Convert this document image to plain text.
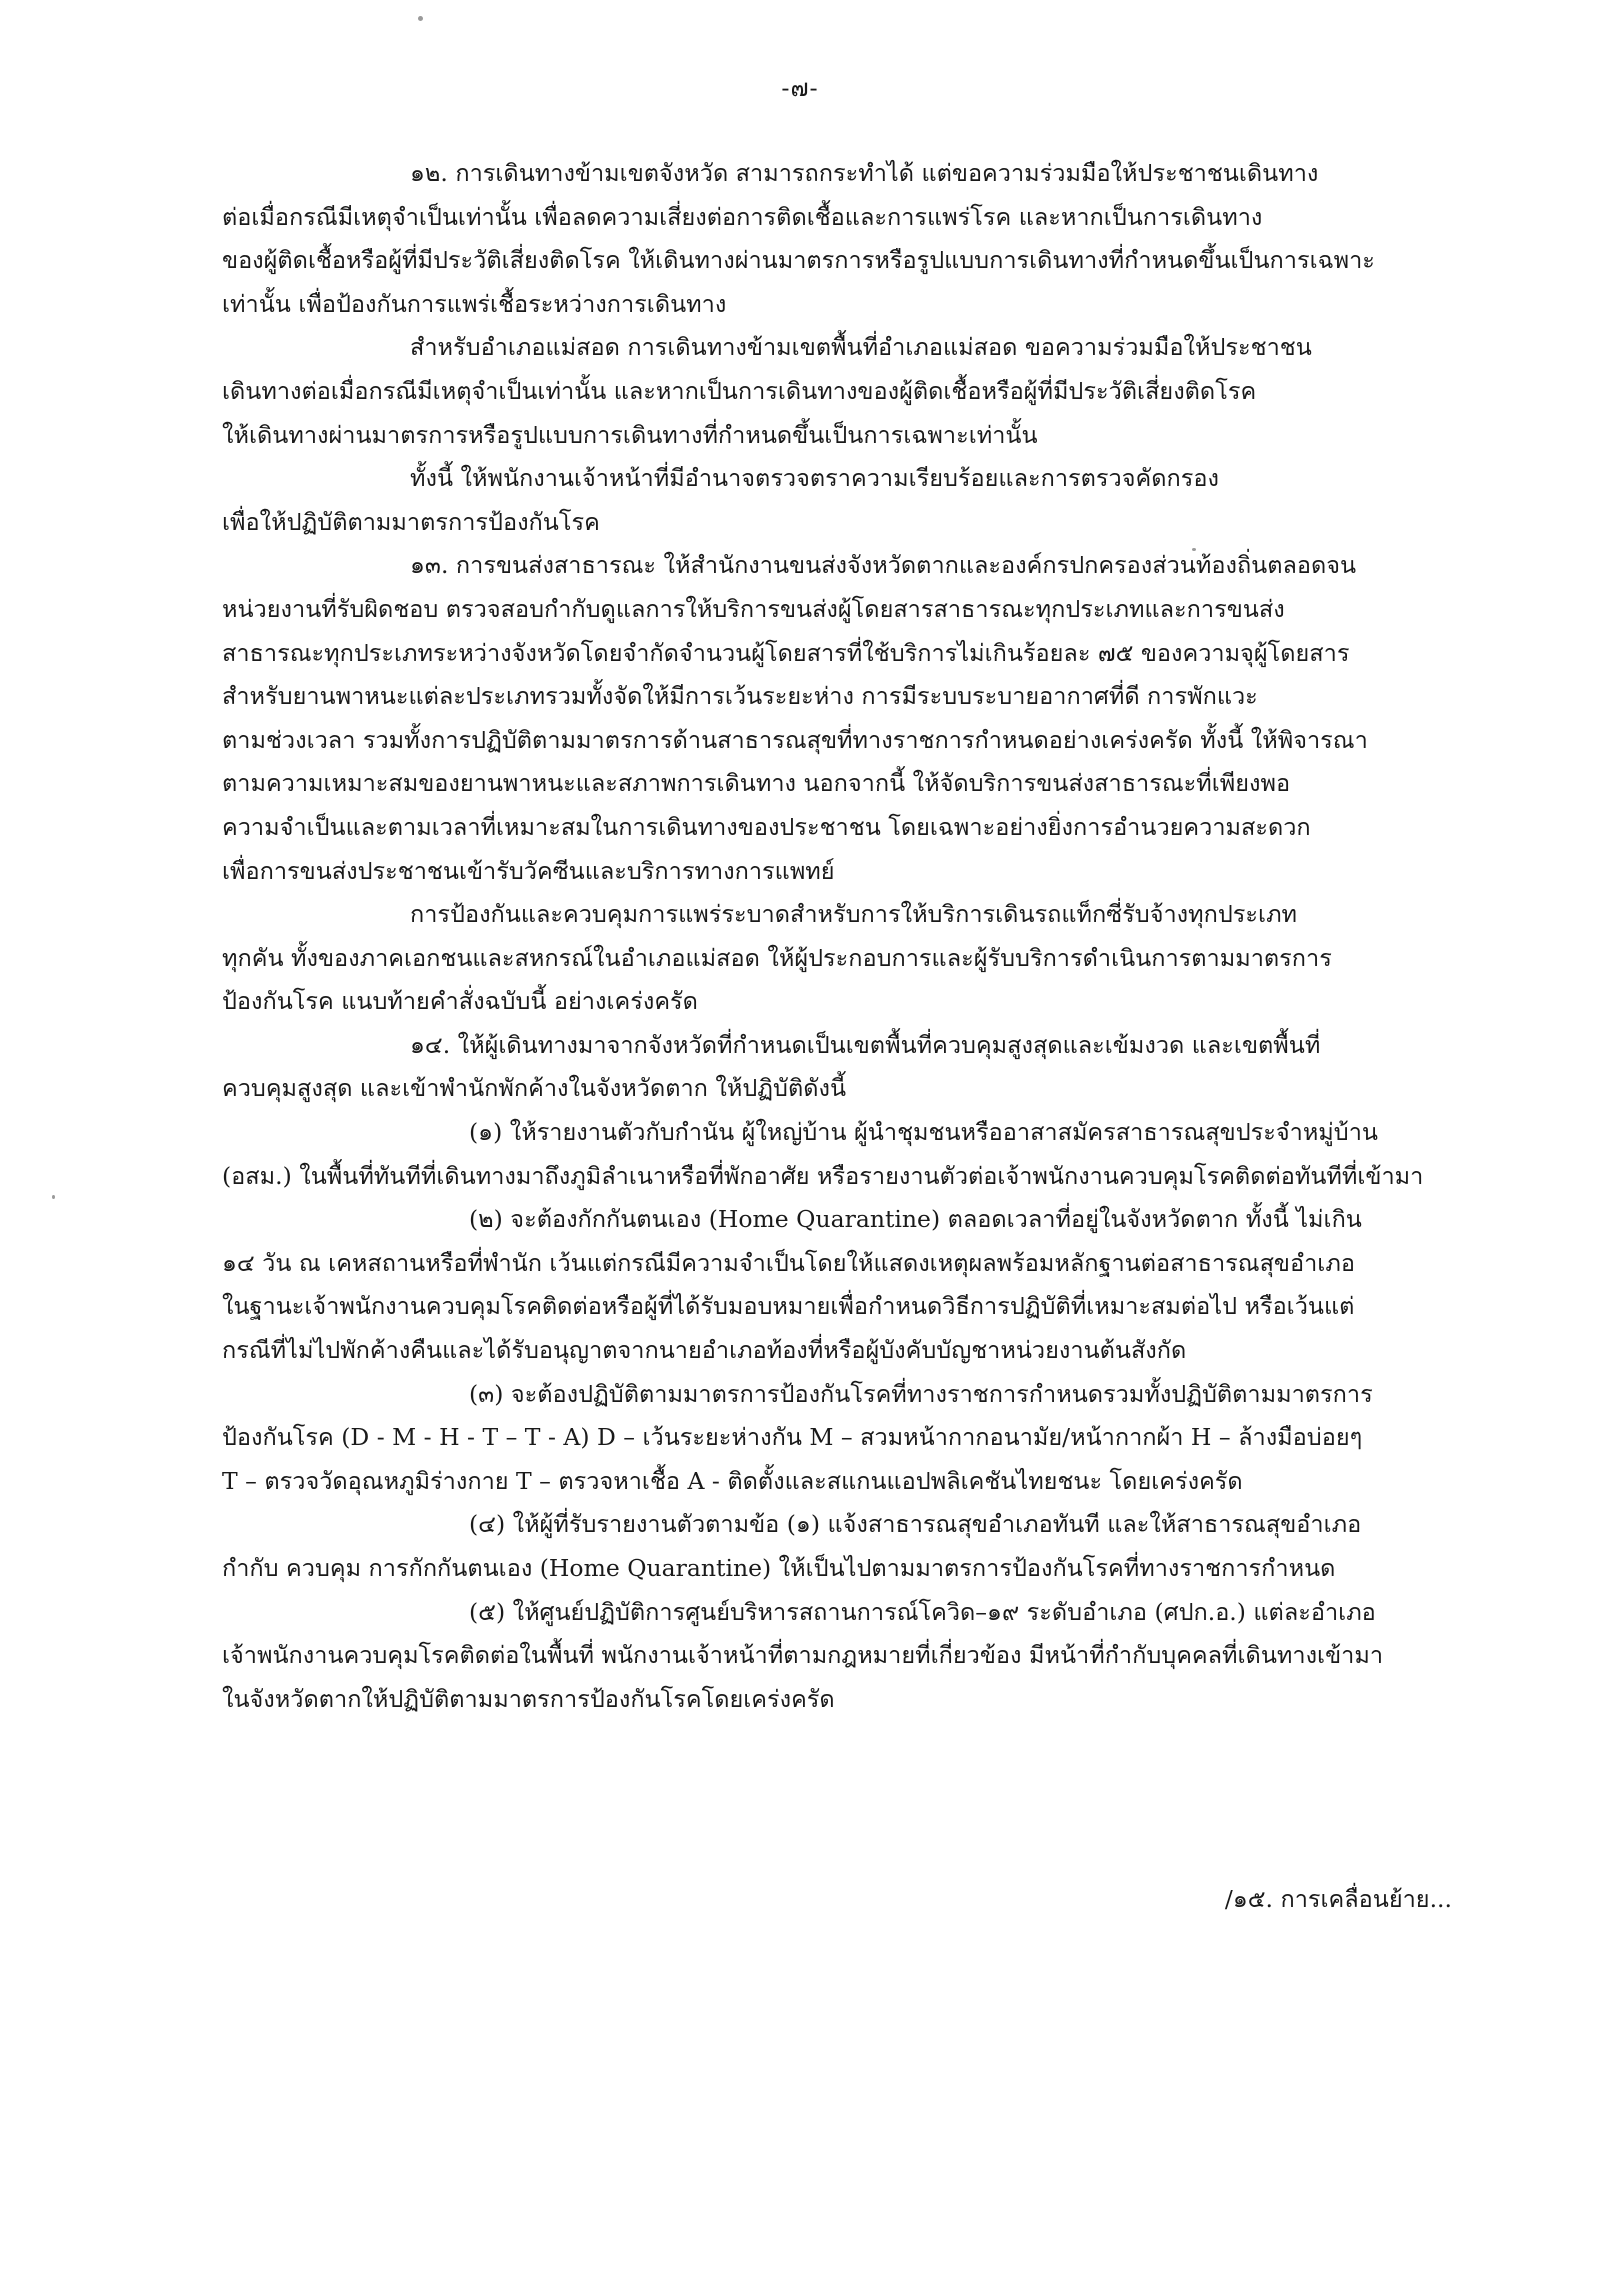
-๗-
๑๒. การเดินทางข้ามเขตจังหวัด สามารถกระทำได้ แต่ขอความร่วมมือให้ประชาชนเดินทาง
ต่อเมื่อกรณีมีเหตุจำเป็นเท่านั้น เพื่อลดความเสี่ยงต่อการติดเชื้อและการแพร่โรค และหากเป็นการเดินทาง
ของผู้ติดเชื้อหรือผู้ที่มีประวัติเสี่ยงติดโรค ให้เดินทางผ่านมาตรการหรือรูปแบบการเดินทางที่กำหนดขึ้นเป็นการเฉพาะ
เท่านั้น เพื่อป้องกันการแพร่เชื้อระหว่างการเดินทาง
สำหรับอำเภอแม่สอด การเดินทางข้ามเขตพื้นที่อำเภอแม่สอด ขอความร่วมมือให้ประชาชน
เดินทางต่อเมื่อกรณีมีเหตุจำเป็นเท่านั้น และหากเป็นการเดินทางของผู้ติดเชื้อหรือผู้ที่มีประวัติเสี่ยงติดโรค
ให้เดินทางผ่านมาตรการหรือรูปแบบการเดินทางที่กำหนดขึ้นเป็นการเฉพาะเท่านั้น
ทั้งนี้ ให้พนักงานเจ้าหน้าที่มีอำนาจตรวจตราความเรียบร้อยและการตรวจคัดกรอง
เพื่อให้ปฏิบัติตามมาตรการป้องกันโรค
๑๓. การขนส่งสาธารณะ ให้สำนักงานขนส่งจังหวัดตากและองค์กรปกครองส่วนท้องถิ่นตลอดจน
หน่วยงานที่รับผิดชอบ ตรวจสอบกำกับดูแลการให้บริการขนส่งผู้โดยสารสาธารณะทุกประเภทและการขนส่ง
สาธารณะทุกประเภทระหว่างจังหวัดโดยจำกัดจำนวนผู้โดยสารที่ใช้บริการไม่เกินร้อยละ ๗๕ ของความจุผู้โดยสาร
สำหรับยานพาหนะแต่ละประเภทรวมทั้งจัดให้มีการเว้นระยะห่าง การมีระบบระบายอากาศที่ดี การพักแวะ
ตามช่วงเวลา รวมทั้งการปฏิบัติตามมาตรการด้านสาธารณสุขที่ทางราชการกำหนดอย่างเคร่งครัด ทั้งนี้ ให้พิจารณา
ตามความเหมาะสมของยานพาหนะและสภาพการเดินทาง นอกจากนี้ ให้จัดบริการขนส่งสาธารณะที่เพียงพอ
ความจำเป็นและตามเวลาที่เหมาะสมในการเดินทางของประชาชน โดยเฉพาะอย่างยิ่งการอำนวยความสะดวก
เพื่อการขนส่งประชาชนเข้ารับวัคซีนและบริการทางการแพทย์
การป้องกันและควบคุมการแพร่ระบาดสำหรับการให้บริการเดินรถแท็กซี่รับจ้างทุกประเภท
ทุกคัน ทั้งของภาคเอกชนและสหกรณ์ในอำเภอแม่สอด ให้ผู้ประกอบการและผู้รับบริการดำเนินการตามมาตรการ
ป้องกันโรค แนบท้ายคำสั่งฉบับนี้ อย่างเคร่งครัด
๑๔. ให้ผู้เดินทางมาจากจังหวัดที่กำหนดเป็นเขตพื้นที่ควบคุมสูงสุดและเข้มงวด และเขตพื้นที่
ควบคุมสูงสุด และเข้าพำนักพักค้างในจังหวัดตาก ให้ปฏิบัติดังนี้
(๑) ให้รายงานตัวกับกำนัน ผู้ใหญ่บ้าน ผู้นำชุมชนหรืออาสาสมัครสาธารณสุขประจำหมู่บ้าน
(อสม.) ในพื้นที่ทันทีที่เดินทางมาถึงภูมิลำเนาหรือที่พักอาศัย หรือรายงานตัวต่อเจ้าพนักงานควบคุมโรคติดต่อทันทีที่เข้ามา
(๒) จะต้องกักกันตนเอง (Home Quarantine) ตลอดเวลาที่อยู่ในจังหวัดตาก ทั้งนี้ ไม่เกิน
๑๔ วัน ณ เคหสถานหรือที่พำนัก เว้นแต่กรณีมีความจำเป็นโดยให้แสดงเหตุผลพร้อมหลักฐานต่อสาธารณสุขอำเภอ
ในฐานะเจ้าพนักงานควบคุมโรคติดต่อหรือผู้ที่ได้รับมอบหมายเพื่อกำหนดวิธีการปฏิบัติที่เหมาะสมต่อไป หรือเว้นแต่
กรณีที่ไม่ไปพักค้างคืนและได้รับอนุญาตจากนายอำเภอท้องที่หรือผู้บังคับบัญชาหน่วยงานต้นสังกัด
(๓) จะต้องปฏิบัติตามมาตรการป้องกันโรคที่ทางราชการกำหนดรวมทั้งปฏิบัติตามมาตรการ
ป้องกันโรค (D - M - H - T – T - A) D – เว้นระยะห่างกัน M – สวมหน้ากากอนามัย/หน้ากากผ้า H – ล้างมือบ่อยๆ
T – ตรวจวัดอุณหภูมิร่างกาย T – ตรวจหาเชื้อ A - ติดตั้งและสแกนแอปพลิเคชันไทยชนะ โดยเคร่งครัด
(๔) ให้ผู้ที่รับรายงานตัวตามข้อ (๑) แจ้งสาธารณสุขอำเภอทันที และให้สาธารณสุขอำเภอ
กำกับ ควบคุม การกักกันตนเอง (Home Quarantine) ให้เป็นไปตามมาตรการป้องกันโรคที่ทางราชการกำหนด
(๕) ให้ศูนย์ปฏิบัติการศูนย์บริหารสถานการณ์โควิด–๑๙ ระดับอำเภอ (ศปก.อ.) แต่ละอำเภอ
เจ้าพนักงานควบคุมโรคติดต่อในพื้นที่ พนักงานเจ้าหน้าที่ตามกฎหมายที่เกี่ยวข้อง มีหน้าที่กำกับบุคคลที่เดินทางเข้ามา
ในจังหวัดตากให้ปฏิบัติตามมาตรการป้องกันโรคโดยเคร่งครัด
/๑๕. การเคลื่อนย้าย...
